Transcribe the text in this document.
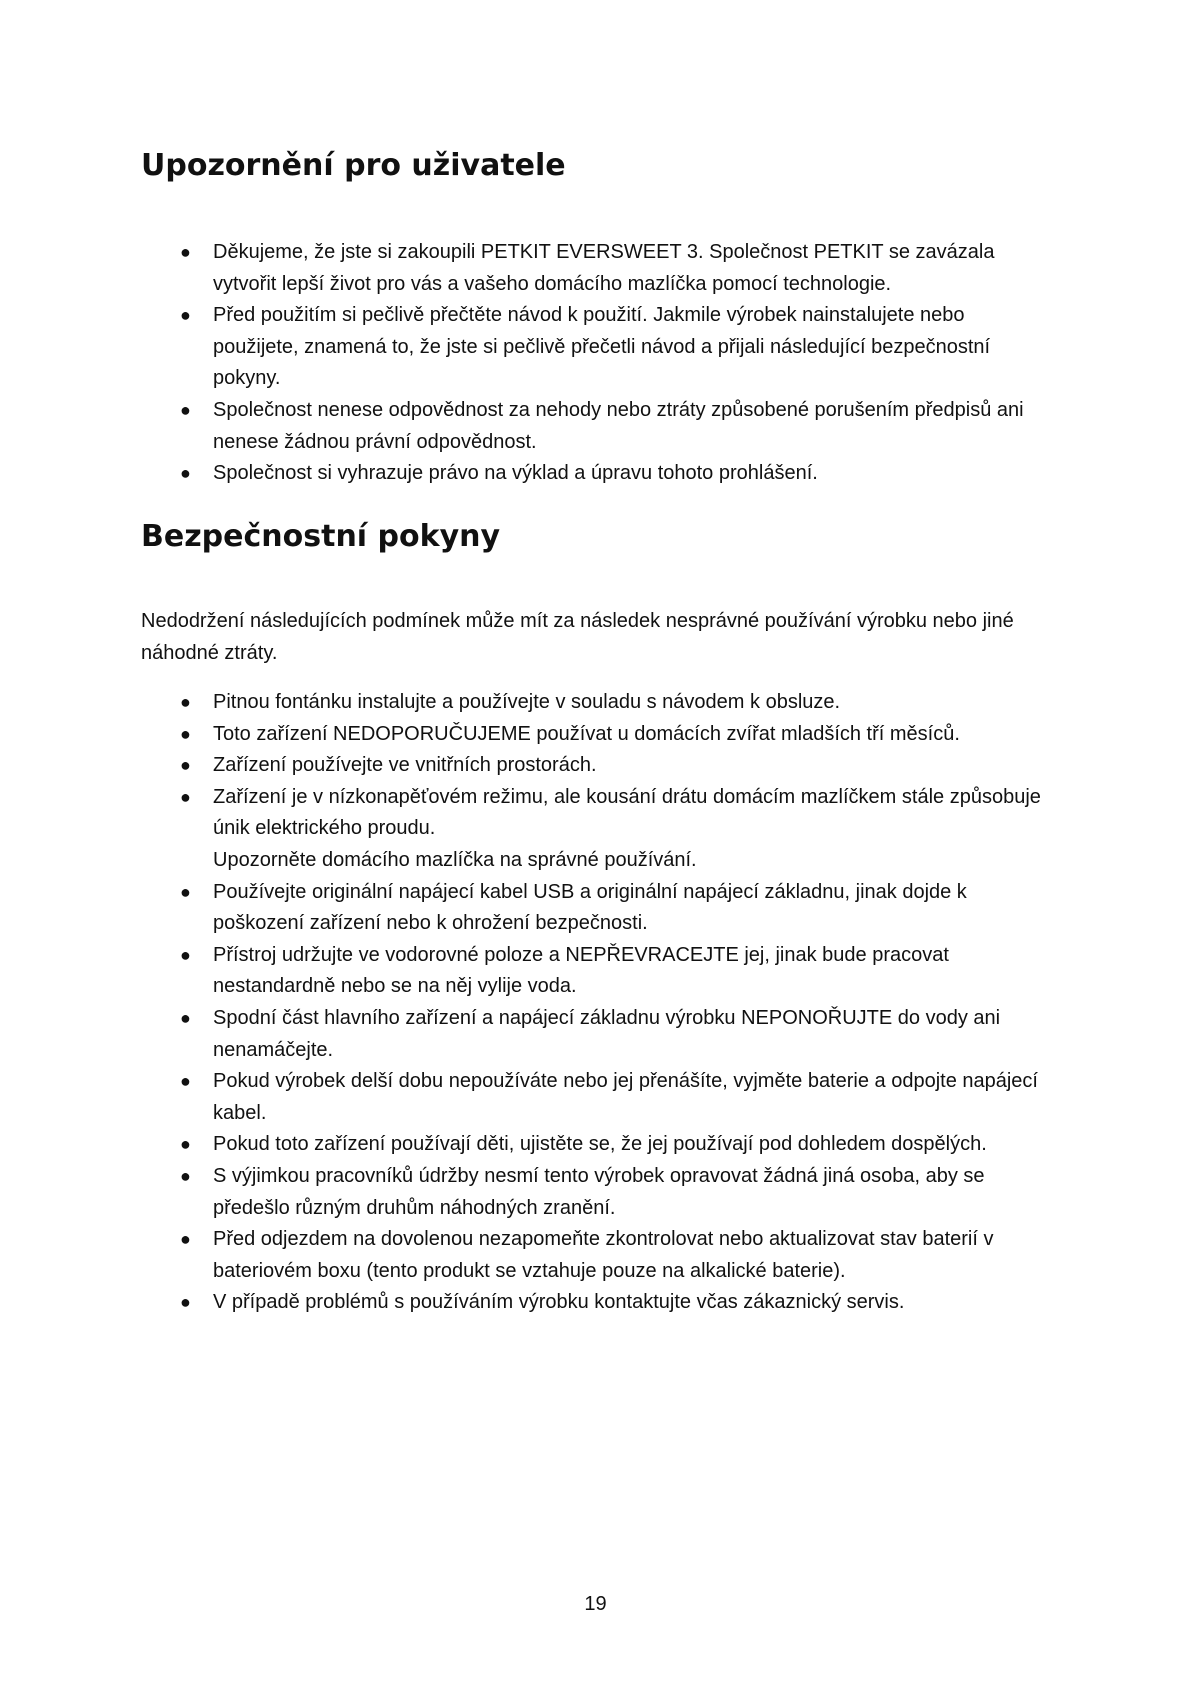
Upozornění pro uživatele
● Děkujeme, že jste si zakoupili PETKIT EVERSWEET 3. Společnost PETKIT se zavázala vytvořit lepší život pro vás a vašeho domácího mazlíčka pomocí technologie.
● Před použitím si pečlivě přečtěte návod k použití. Jakmile výrobek nainstalujete nebo použijete, znamená to, že jste si pečlivě přečetli návod a přijali následující bezpečnostní pokyny.
● Společnost nenese odpovědnost za nehody nebo ztráty způsobené porušením předpisů ani nenese žádnou právní odpovědnost.
● Společnost si vyhrazuje právo na výklad a úpravu tohoto prohlášení.
Bezpečnostní pokyny

Nedodržení následujících podmínek může mít za následek nesprávné používání výrobku nebo jiné náhodné ztráty.

● Pitnou fontánku instalujte a používejte v souladu s návodem k obsluze.
● Toto zařízení NEDOPORUČUJEME používat u domácích zvířat mladších tří měsíců.
● Zařízení používejte ve vnitřních prostorách.
● Zařízení je v nízkonapěťovém režimu, ale kousání drátu domácím mazlíčkem stále způsobuje únik elektrického proudu.
Upozorněte domácího mazlíčka na správné používání.
● Používejte originální napájecí kabel USB a originální napájecí základnu, jinak dojde k poškození zařízení nebo k ohrožení bezpečnosti.
● Přístroj udržujte ve vodorovné poloze a NEPŘEVRACEJTE jej, jinak bude pracovat nestandardně nebo se na něj vylije voda.
● Spodní část hlavního zařízení a napájecí základnu výrobku NEPONOŘUJTE do vody ani nenamáčejte.
● Pokud výrobek delší dobu nepoužíváte nebo jej přenášíte, vyjměte baterie a odpojte napájecí kabel.
● Pokud toto zařízení používají děti, ujistěte se, že jej používají pod dohledem dospělých.
● S výjimkou pracovníků údržby nesmí tento výrobek opravovat žádná jiná osoba, aby se předešlo různým druhům náhodných zranění.
● Před odjezdem na dovolenou nezapomeňte zkontrolovat nebo aktualizovat stav baterií v bateriovém boxu (tento produkt se vztahuje pouze na alkalické baterie).
● V případě problémů s používáním výrobku kontaktujte včas zákaznický servis.
19
